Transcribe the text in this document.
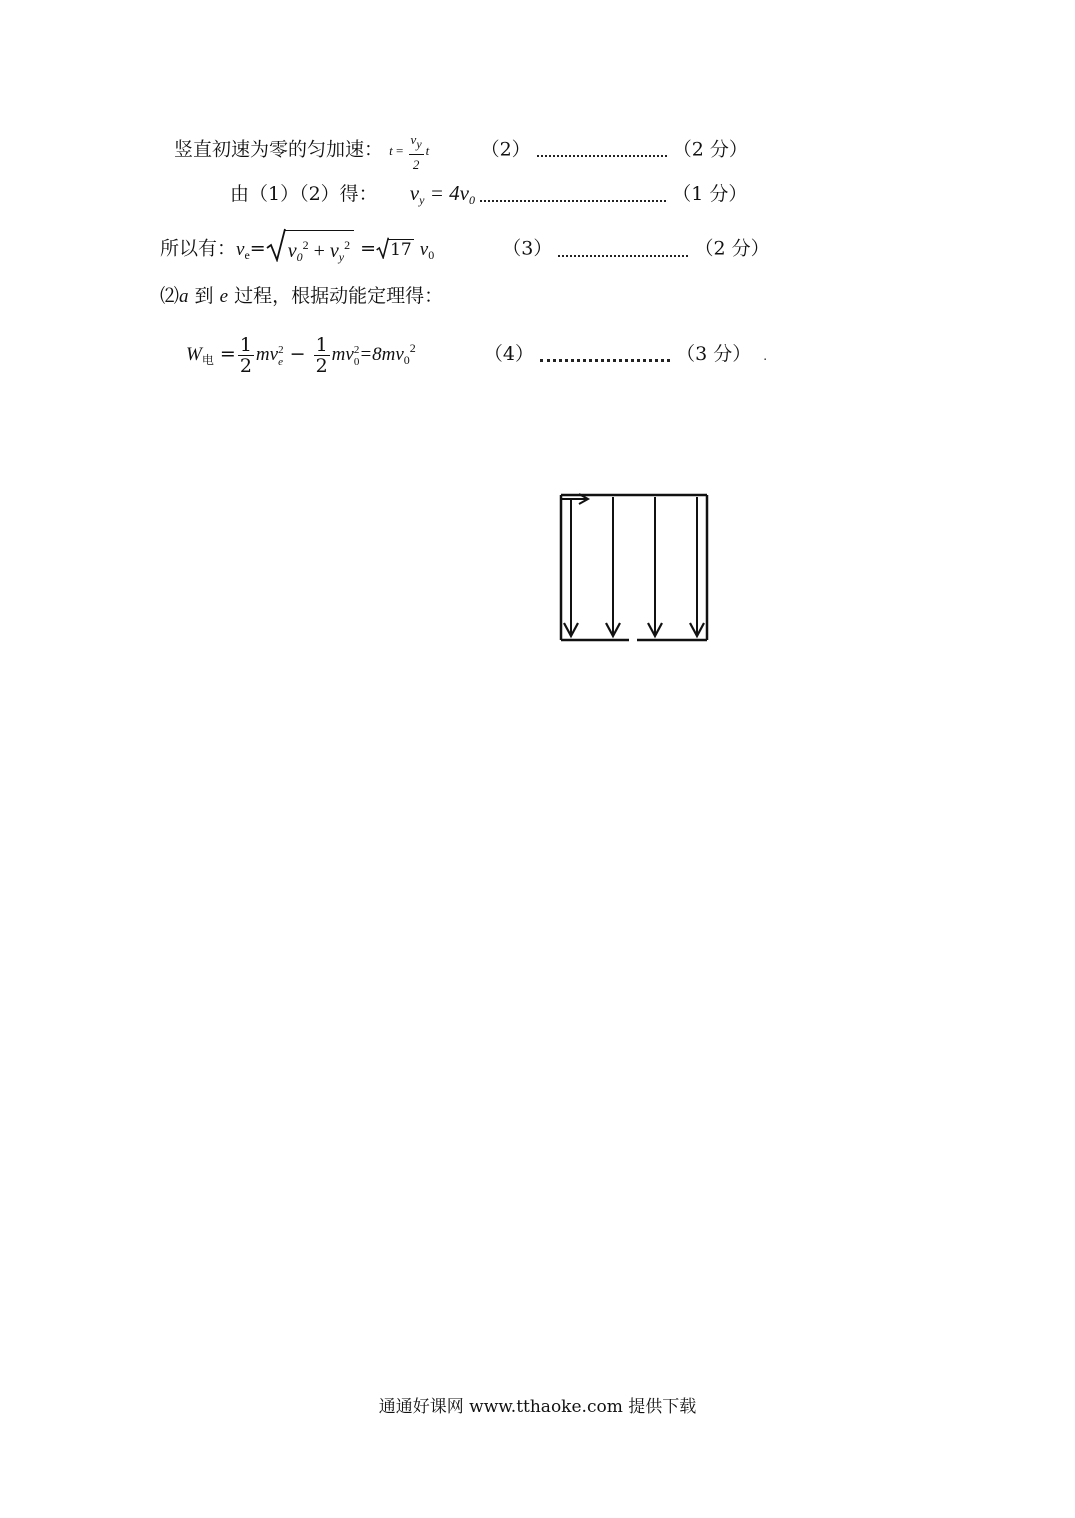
竖直初速为零的匀加速： $t = \frac{vy}{2}$ t	（2）	（2 分）
由（1）（2）得： $v_y = 4v_0$	（1 分）
所以有：$v_e= v_0^2 + v_y^2 = 17$ $v_0$	（3）	（2 分）
⑵a 到 e 过程，根据动能定理得：
$W_电 = \frac{1}{2}$ mv 2
$e - \frac{1}{2}$ mv 2
$0 =8mv_0^2$	（4）	（3 分） .
通通好课网 www.tthaoke.com 提供下载
